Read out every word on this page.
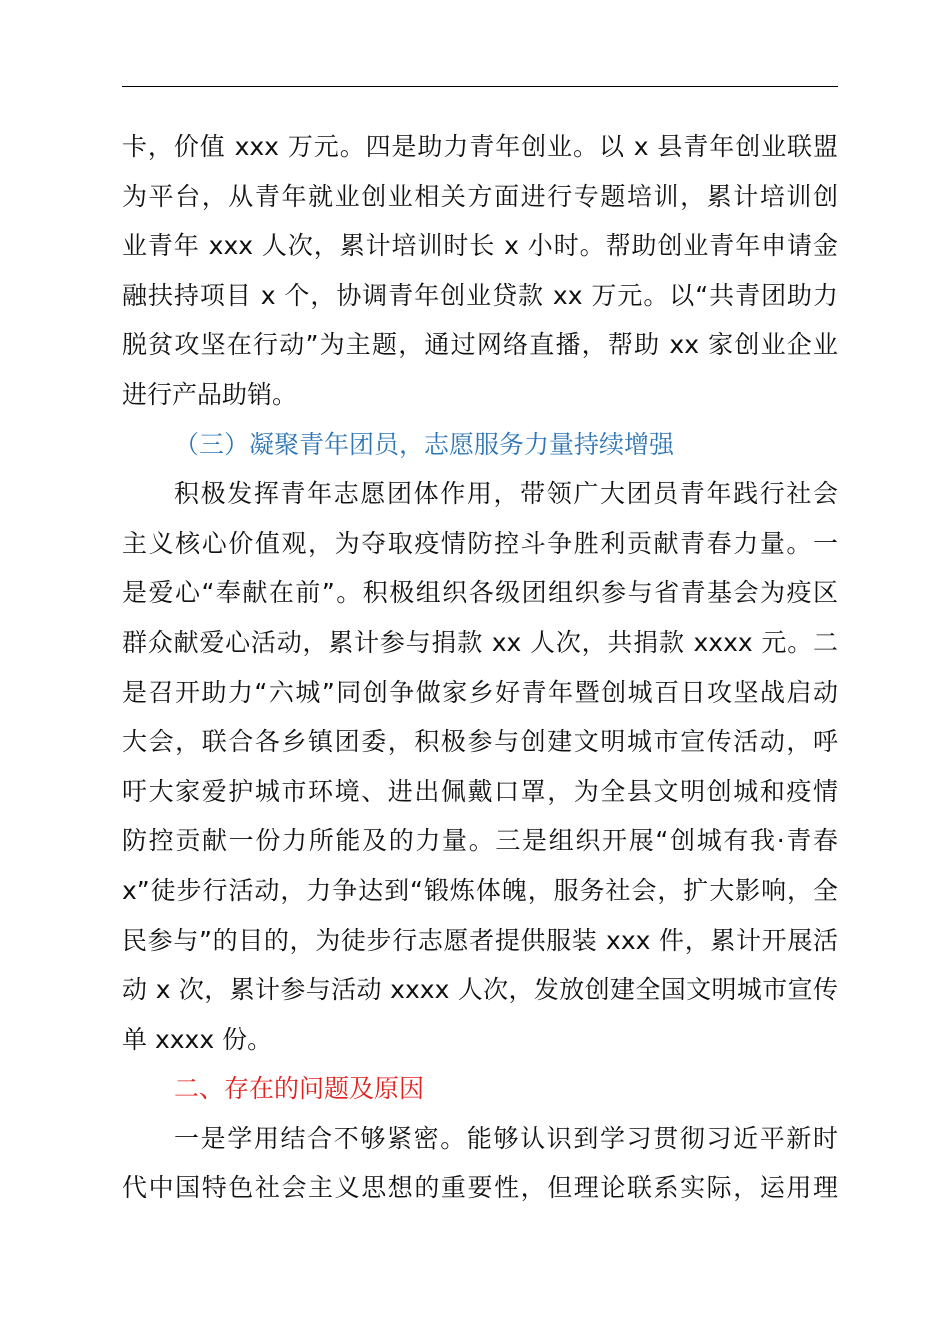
卡，价值 xxx 万元。四是助力青年创业。以 x 县青年创业联盟
为平台，从青年就业创业相关方面进行专题培训，累计培训创
业青年 xxx 人次，累计培训时长 x 小时。帮助创业青年申请金
融扶持项目 x 个，协调青年创业贷款 xx 万元。以“共青团助力
脱贫攻坚在行动”为主题，通过网络直播，帮助 xx 家创业企业
进行产品助销。
（三）凝聚青年团员，志愿服务力量持续增强
积极发挥青年志愿团体作用，带领广大团员青年践行社会
主义核心价值观，为夺取疫情防控斗争胜利贡献青春力量。一
是爱心“奉献在前”。积极组织各级团组织参与省青基会为疫区
群众献爱心活动，累计参与捐款 xx 人次，共捐款 xxxx 元。二
是召开助力“六城”同创争做家乡好青年暨创城百日攻坚战启动
大会，联合各乡镇团委，积极参与创建文明城市宣传活动，呼
吁大家爱护城市环境、进出佩戴口罩，为全县文明创城和疫情
防控贡献一份力所能及的力量。三是组织开展“创城有我·青春
x”徒步行活动，力争达到“锻炼体魄，服务社会，扩大影响，全
民参与”的目的，为徒步行志愿者提供服装 xxx 件，累计开展活
动 x 次，累计参与活动 xxxx 人次，发放创建全国文明城市宣传
单 xxxx 份。
二、存在的问题及原因
一是学用结合不够紧密。能够认识到学习贯彻习近平新时
代中国特色社会主义思想的重要性，但理论联系实际，运用理
